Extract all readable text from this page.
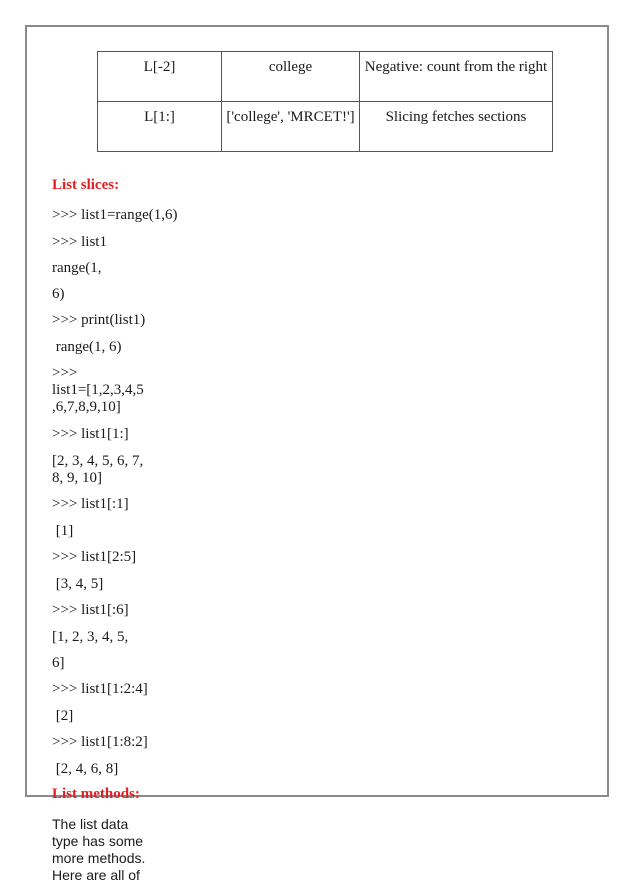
L[-2]	college	Negative: count from the right
L[1:]	['college', 'MRCET!']	Slicing fetches sections
List slices:
>>> list1=range(1,6)
>>> list1
range(1,
6)
>>> print(list1)
range(1, 6)
>>>
list1=[1,2,3,4,5
,6,7,8,9,10]
>>> list1[1:]
[2, 3, 4, 5, 6, 7,
8, 9, 10]
>>> list1[:1]
[1]
>>> list1[2:5]
[3, 4, 5]
>>> list1[:6]
[1, 2, 3, 4, 5,
6]
>>> list1[1:2:4]
[2]
>>> list1[1:8:2]
[2, 4, 6, 8]
List methods:
The list data
type has some
more methods.
Here are all of
